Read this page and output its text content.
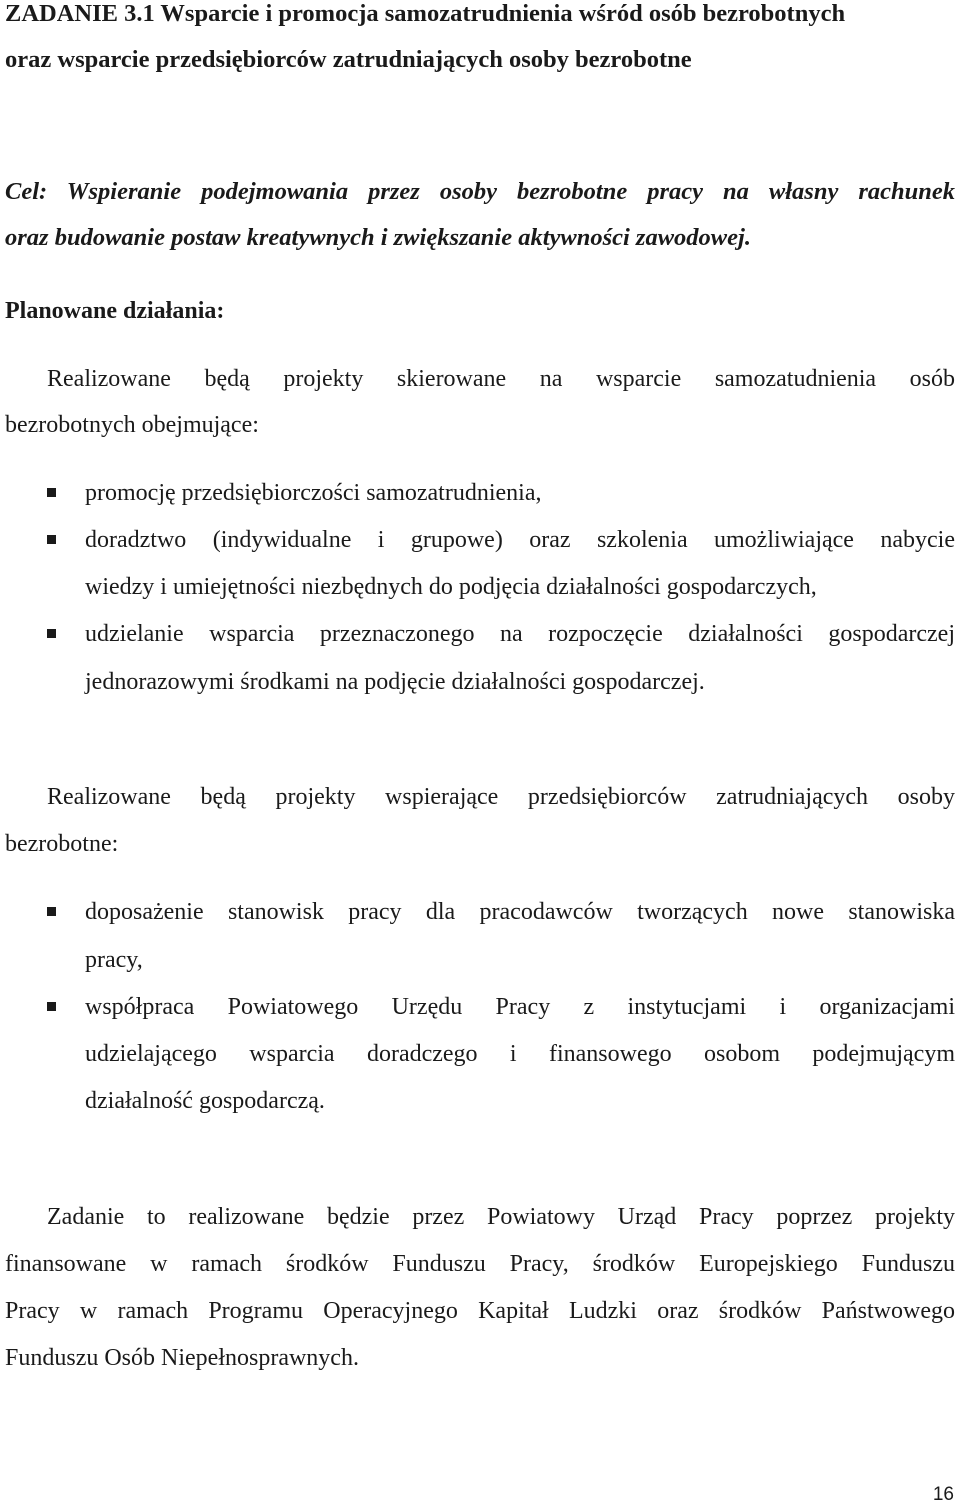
ZADANIE 3.1 Wsparcie i promocja samozatrudnienia wśród osób bezrobotnych
oraz wsparcie przedsiębiorców zatrudniających osoby bezrobotne
Cel: Wspieranie podejmowania przez osoby bezrobotne pracy na własny rachunek
oraz budowanie postaw kreatywnych i zwiększanie aktywności zawodowej.
Planowane działania:
Realizowane będą projekty skierowane na wsparcie samozatudnienia osób
bezrobotnych obejmujące:
promocję przedsiębiorczości samozatrudnienia,
doradztwo (indywidualne i grupowe) oraz szkolenia umożliwiające nabycie
wiedzy i umiejętności niezbędnych do podjęcia działalności gospodarczych,
udzielanie wsparcia przeznaczonego na rozpoczęcie działalności gospodarczej
jednorazowymi środkami na podjęcie działalności gospodarczej.
Realizowane będą projekty wspierające przedsiębiorców zatrudniających osoby
bezrobotne:
doposażenie stanowisk pracy dla pracodawców tworzących nowe stanowiska
pracy,
współpraca Powiatowego Urzędu Pracy z instytucjami i organizacjami
udzielającego wsparcia doradczego i finansowego osobom podejmującym
działalność gospodarczą.
Zadanie to realizowane będzie przez Powiatowy Urząd Pracy poprzez projekty
finansowane w ramach środków Funduszu Pracy, środków Europejskiego Funduszu
Pracy w ramach Programu Operacyjnego Kapitał Ludzki oraz środków Państwowego
Funduszu Osób Niepełnosprawnych.
16
